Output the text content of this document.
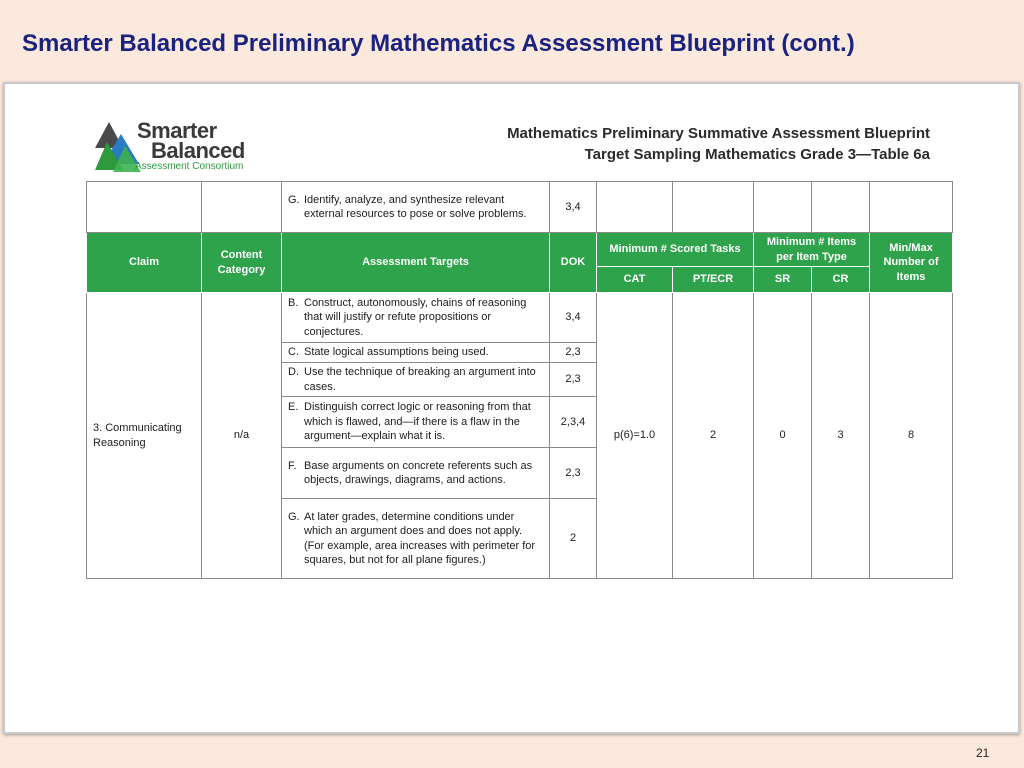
Smarter Balanced Preliminary Mathematics Assessment Blueprint (cont.)
Smarter
Balanced
Assessment Consortium
Mathematics Preliminary Summative Assessment Blueprint
Target Sampling Mathematics Grade 3—Table 6a

		G. Identify, analyze, and synthesize relevant external resources to pose or solve problems.	3,4					
Claim	Content Category	Assessment Targets	DOK	Minimum # Scored Tasks		Minimum # Items per Item Type		Min/Max Number of Items
				CAT	PT/ECR	SR	CR	
3. Communicating Reasoning	n/a	B. Construct, autonomously, chains of reasoning that will justify or refute propositions or conjectures.	3,4	p(6)=1.0	2	0	3	8

		C. State logical assumptions being used.	2,3					

		D. Use the technique of breaking an argument into cases.	2,3					

		E. Distinguish correct logic or reasoning from that which is flawed, and—if there is a flaw in the argument—explain what it is.	2,3,4					

		F. Base arguments on concrete referents such as objects, drawings, diagrams, and actions.	2,3					

		G. At later grades, determine conditions under which an argument does and does not apply. (For example, area increases with perimeter for squares, but not for all plane figures.)	2					
21
